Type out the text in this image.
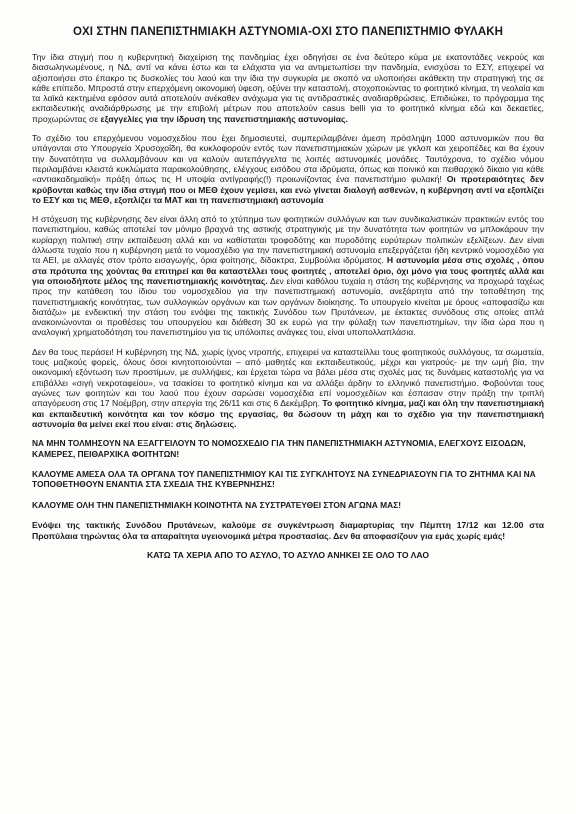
ΟΧΙ ΣΤΗΝ ΠΑΝΕΠΙΣΤΗΜΙΑΚΗ ΑΣΤΥΝΟΜΙΑ-ΟΧΙ ΣΤΟ ΠΑΝΕΠΙΣΤΗΜΙΟ ΦΥΛΑΚΗ

Την ίδια στιγμή που η κυβερνητική διαχείριση της πανδημίας έχει οδηγήσει σε ένα δεύτερο κύμα με εκατοντάδες νεκρούς και διασωληνωμένους, η ΝΔ, αντί να κάνει έστω και τα ελάχιστα για να αντιμετωπίσει την πανδημία, ενισχύσει το ΕΣΥ, επιχειρεί να αξιοποιήσει στο έπακρο τις δυσκολίες του λαού και την ίδια την συγκυρία με σκοπό να υλοποιήσει ακάθεκτη την στρατηγική της σε κάθε επίπεδο. Μπροστά στην επερχόμενη οικονομική ύφεση, οξύνει την καταστολή, στοχοποιώντας το φοιτητικό κίνημα, τη νεολαία και τα λαϊκά κεκτημένα εφόσον αυτά αποτελούν ανέκαθεν ανάχωμα για τις αντιδραστικές αναδιαρθρώσεις. Επιδιώκει, το πρόγραμμα της εκπαιδευτικής αναδιάρθρωσης με την επιβολή μέτρων που αποτελούν casus belli για το φοιτητικό κίνημα εδώ και δεκαετίες, προχωρώντας σε εξαγγελίες για την ίδρυση της πανεπιστημιακής αστυνομίας.

Το σχέδιο του επερχόμενου νομοσχεδίου που έχει δημοσιευτεί, συμπεριλαμβάνει άμεση πρόσληψη 1000 αστυνομικών που θα υπάγονται στο Υπουργείο Χρυσοχοΐδη, θα κυκλοφορούν εντός των πανεπιστημιακών χώρων με γκλοπ και χειροπέδες και θα έχουν την δυνατότητα να συλλαμβάνουν και να καλούν αυτεπάγγελτα τις λοιπές αστυνομικές μονάδες. Ταυτόχρονα, το σχέδιο νόμου περιλαμβάνει κλειστά κυκλώματα παρακολούθησης, ελέγχους εισόδου στα ιδρύματα, όπως και ποινικό και πειθαρχικό δίκαιο για κάθε «αντιακαδημαϊκή» πράξη όπως τις Η υποψία αντίγραφής(!) προιωνίζοντας ένα πανεπιστήμιο φυλακή! Οι προτεραιότητες δεν κρύβονται καθώς την ίδια στιγμή που οι ΜΕΘ έχουν γεμίσει, και ενώ γίνεται διαλογή ασθενών, η κυβέρνηση αντί να εξοπλίζει το ΕΣΥ και τις ΜΕΘ, εξοπλίζει τα ΜΑΤ και τη πανεπιστημιακή αστυνομία

Η στόχευση της κυβέρνησης δεν είναι άλλη από το χτύπημα των φοιτητικών συλλόγων και των συνδικαλιστικών πρακτικών εντός του πανεπιστημίου, καθώς αποτελεί τον μόνιμο βραχνά της αστικής στρατηγικής με την δυνατότητα των φοιτητών να μπλοκάρουν την κυρίαρχη πολιτική στην εκπαίδευση αλλά και να καθίσταται τροφοδότης και πυροδότης ευρύτερων πολιτικών εξελίξεων. Δεν είναι άλλωστε τυχαίο που η κυβέρνηση μετά το νομοσχέδιο για την πανεπιστημιακή αστυνομία επεξεργάζεται ήδη κεντρικό νομοσχέδιο για τα ΑΕΙ, με αλλαγές στον τρόπο εισαγωγής, όρια φοίτησης, δίδακτρα, Συμβούλια ιδρύματος. Η αστυνομία μέσα στις σχολές , όπου στα πρότυπα της χούντας θα επιτηρεί και θα καταστέλλει τους φοιτητές , αποτελεί όριο, όχι μόνο για τους φοιτητές αλλά και για οποιοδήποτε μέλος της πανεπιστημιακής κοινότητας. Δεν είναι καθόλου τυχαία η στάση της κυβέρνησης να προχωρά ταχέως προς την κατάθεση του ίδιου του νομοσχεδίου για την πανεπιστημιακή αστυνομία, ανεξάρτητα από την τοποθέτηση της πανεπιστημιακής κοινότητας, των συλλογικών οργάνων και των οργάνων διοίκησης. Το υπουργείο κινείται με όρους «αποφασίζω και διατάζω» με ενδεικτική την στάση του ενόψει της τακτικής Συνόδου των Πρυτάνεων, με έκτακτες συνόδους στις οποίες απλά ανακοινώνονται οι προθέσεις του υπουργείου και διάθεση 30 εκ ευρώ για την φύλαξη των πανεπιστημίων, την ίδια ώρα που η αναλογική χρηματοδότηση του πανεπιστημίου για τις υπόλοιπες ανάγκες του, είναι υποπολλαπλάσια.

Δεν θα τους περάσει! Η κυβέρνηση της ΝΔ, χωρίς ίχνος ντροπής, επιχειρεί να καταστείλλει τους φοιτητικούς συλλόγους, τα σωματεία, τους μαζικούς φορείς, όλους όσοι κινητοποιούνται – από μαθητές και εκπαιδευτικούς, μέχρι και γιατρούς- με την ωμή βία, την οικονομική εξόντωση των προστίμων, με συλλήψεις, και έρχεται τώρα να βάλει μέσα στις σχολές μας τις δυνάμεις καταστολής για να επιβάλλει «σιγή νεκροταφείου», να τσακίσει το φοιτητικό κίνημα και να αλλάξει άρδην το ελληνικό πανεπιστήμιο. Φοβούνται τους αγώνες των φοιτητών και του λαού που έχουν σαρώσει νομοσχέδια επί νομοσχεδίων και έσπασαν στην πράξη την τριπλή απαγόρευση στις 17 Νοέμβρη, στην απεργία της 26/11 και στις 6 Δεκέμβρη. Το φοιτητικό κίνημα, μαζί και όλη την πανεπιστημιακή και εκπαιδευτική κοινότητα και τον κόσμο της εργασίας, θα δώσουν τη μάχη και το σχέδιο για την πανεπιστημιακή αστυνομία θα μείνει εκεί που είναι: στις δηλώσεις.

ΝΑ ΜΗΝ ΤΟΛΜΗΣΟΥΝ ΝΑ ΕΞΑΓΓΕΙΛΟΥΝ ΤΟ ΝΟΜΟΣΧΕΔΙΟ ΓΙΑ ΤΗΝ ΠΑΝΕΠΙΣΤΗΜΙΑΚΗ ΑΣΤΥΝΟΜΙΑ, ΕΛΕΓΧΟΥΣ ΕΙΣΟΔΩΝ, ΚΑΜΕΡΕΣ, ΠΕΙΘΑΡΧΙΚΑ ΦΟΙΤΗΤΩΝ!

ΚΑΛΟΥΜΕ ΑΜΕΣΑ ΟΛΑ ΤΑ ΟΡΓΑΝΑ ΤΟΥ ΠΑΝΕΠΙΣΤΗΜΙΟΥ ΚΑΙ ΤΙΣ ΣΥΓΚΛΗΤΟΥΣ ΝΑ ΣΥΝΕΔΡΙΑΣΟΥΝ ΓΙΑ ΤΟ ΖΗΤΗΜΑ ΚΑΙ ΝΑ ΤΟΠΟΘΕΤΗΘΟΥΝ ΕΝΑΝΤΙΑ ΣΤΑ ΣΧΕΔΙΑ ΤΗΣ ΚΥΒΕΡΝΗΣΗΣ!

ΚΑΛΟΥΜΕ ΟΛΗ ΤΗΝ ΠΑΝΕΠΙΣΤΗΜΙΑΚΗ ΚΟΙΝΟΤΗΤΑ ΝΑ ΣΥΣΤΡΑΤΕΥΘΕΙ ΣΤΟΝ ΑΓΩΝΑ ΜΑΣ!

Ενόψει της τακτικής Συνόδου Πρυτάνεων, καλούμε σε συγκέντρωση διαμαρτυρίας την Πέμπτη 17/12 και 12.00 στα Προπύλαια τηρώντας όλα τα απαραίτητα υγειονομικά μέτρα προστασίας. Δεν θα αποφασίζουν για εμάς χωρίς εμάς!

ΚΑΤΩ ΤΑ ΧΕΡΙΑ ΑΠΟ ΤΟ ΑΣΥΛΟ, ΤΟ ΑΣΥΛΟ ΑΝΗΚΕΙ ΣΕ ΟΛΟ ΤΟ ΛΑΟ
